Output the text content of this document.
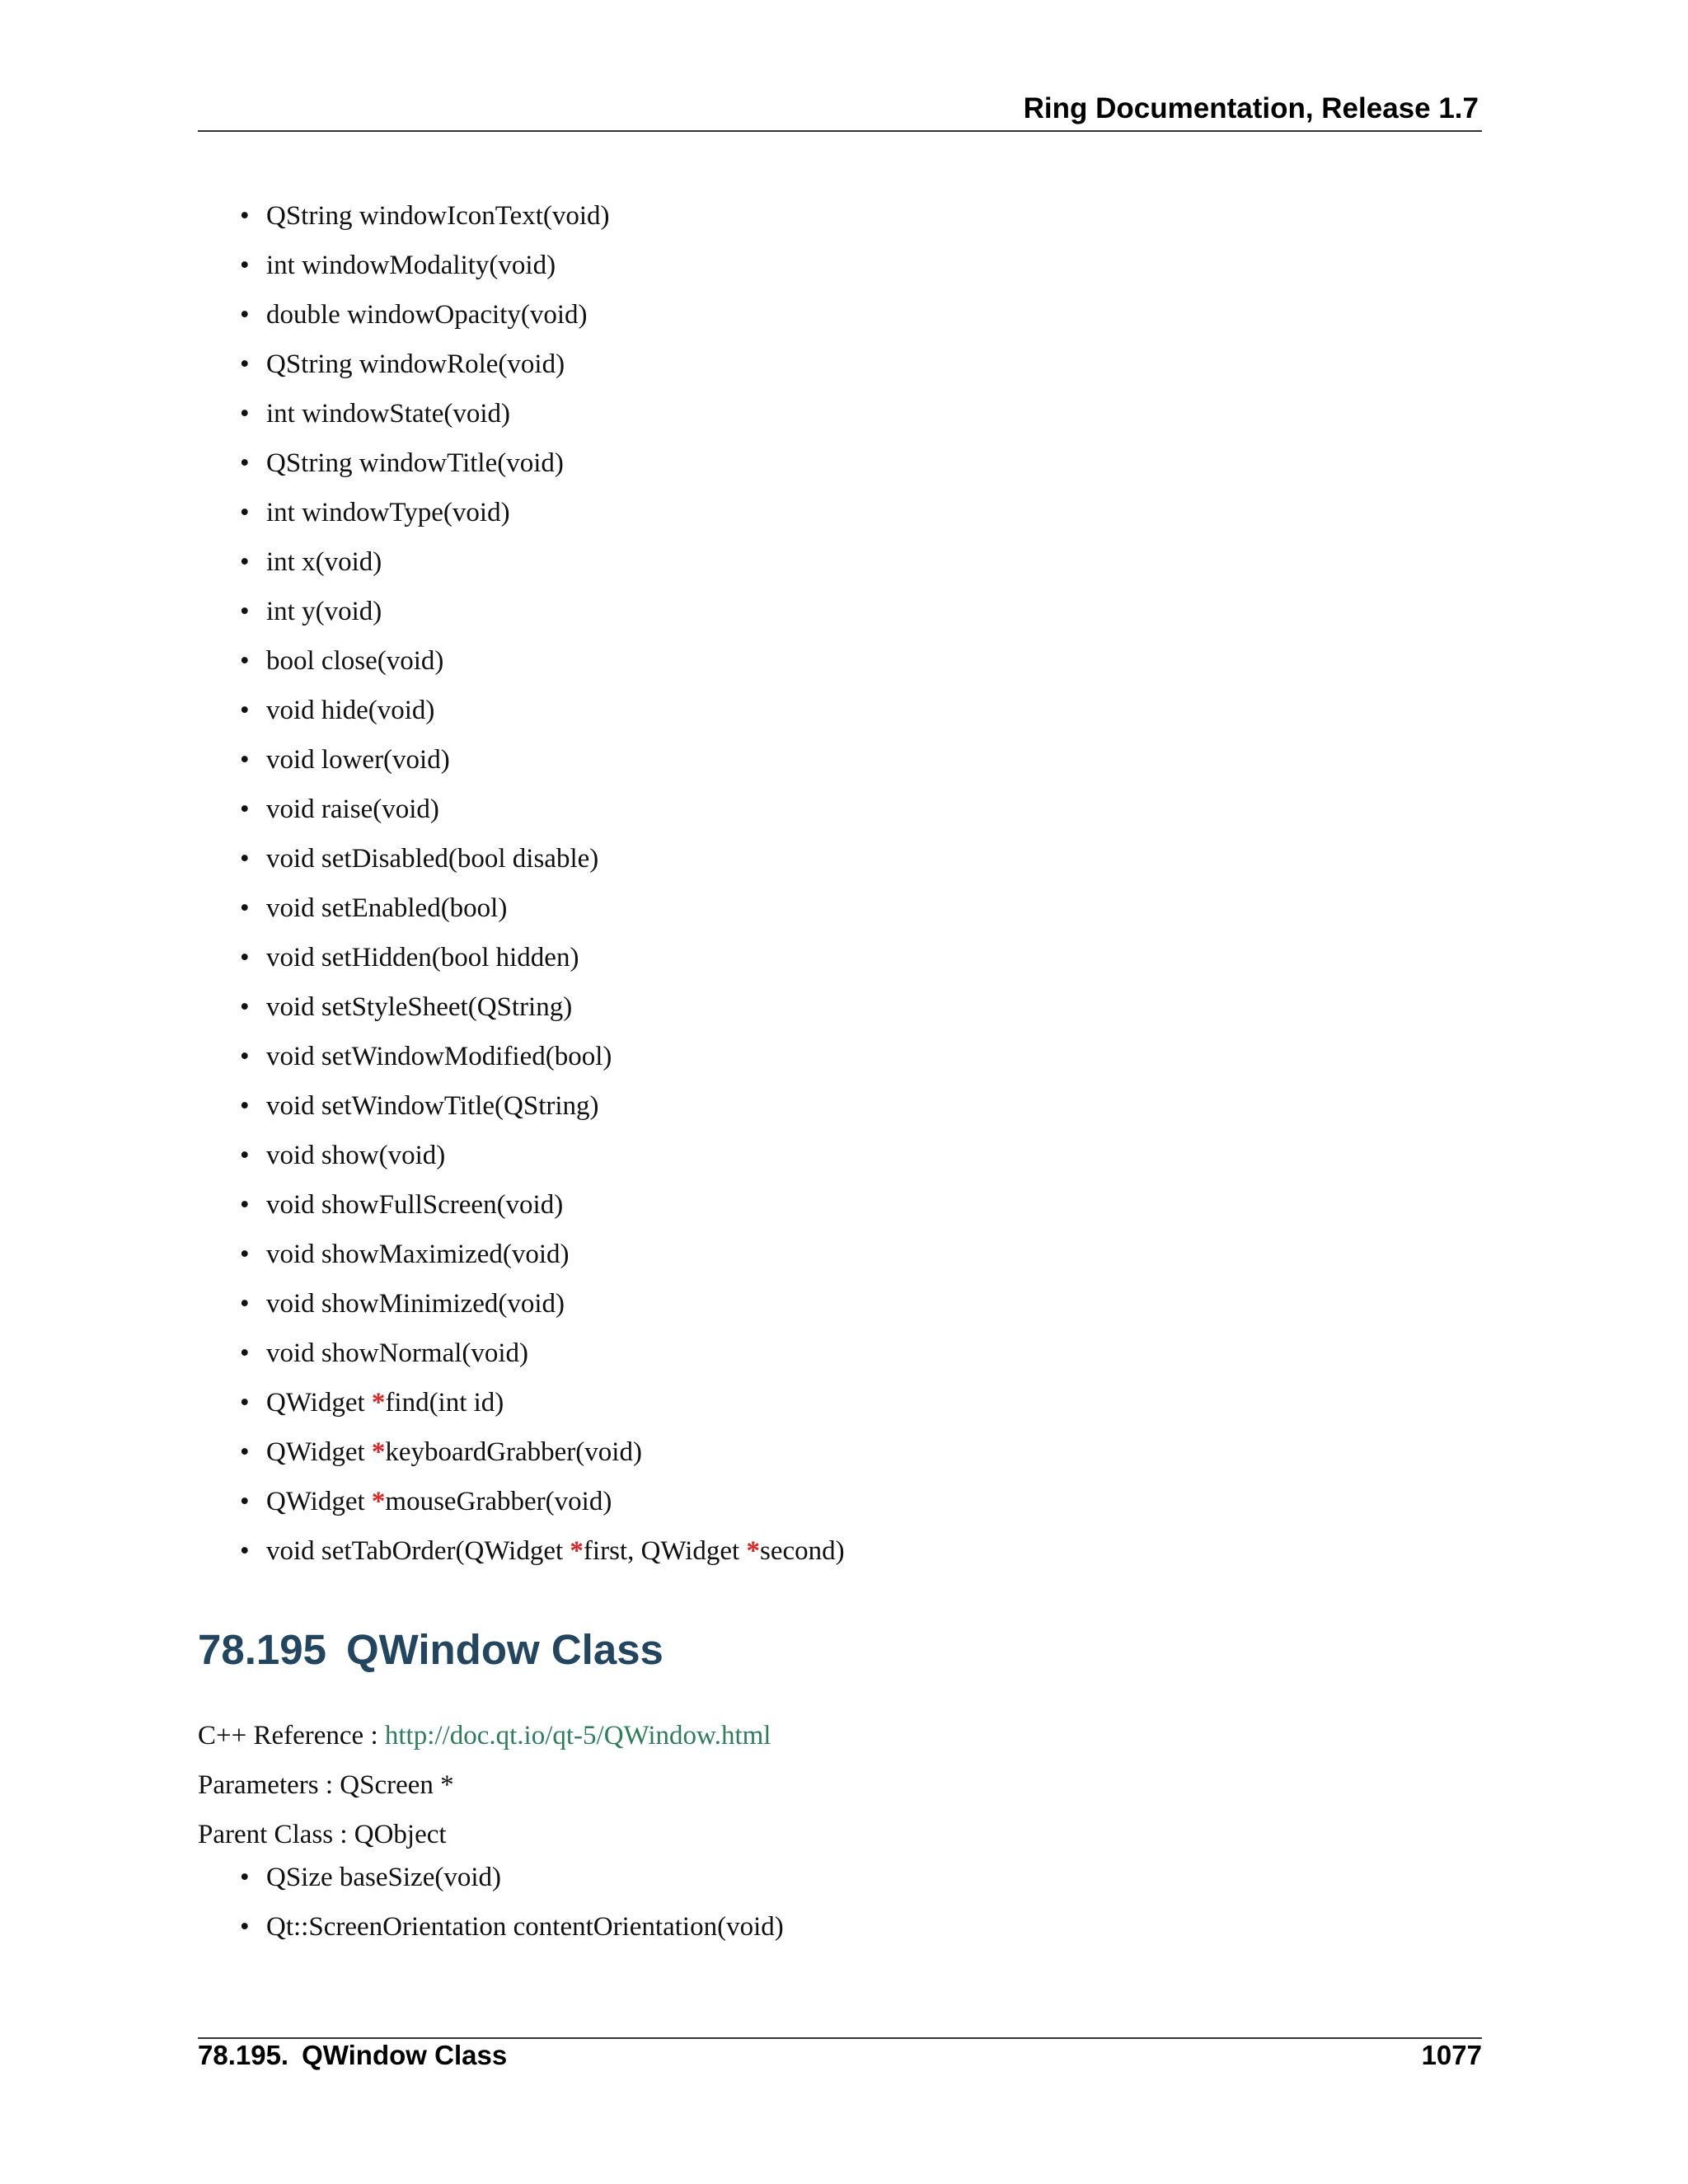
Ring Documentation, Release 1.7
• QString windowIconText(void)
• int windowModality(void)
• double windowOpacity(void)
• QString windowRole(void)
• int windowState(void)
• QString windowTitle(void)
• int windowType(void)
• int x(void)
• int y(void)
• bool close(void)
• void hide(void)
• void lower(void)
• void raise(void)
• void setDisabled(bool disable)
• void setEnabled(bool)
• void setHidden(bool hidden)
• void setStyleSheet(QString)
• void setWindowModified(bool)
• void setWindowTitle(QString)
• void show(void)
• void showFullScreen(void)
• void showMaximized(void)
• void showMinimized(void)
• void showNormal(void)
• QWidget *find(int id)
• QWidget *keyboardGrabber(void)
• QWidget *mouseGrabber(void)
• void setTabOrder(QWidget *first, QWidget *second)
78.195 QWindow Class
C++ Reference : http://doc.qt.io/qt-5/QWindow.html
Parameters : QScreen *
Parent Class : QObject
• QSize baseSize(void)
• Qt::ScreenOrientation contentOrientation(void)
78.195. QWindow Class	1077
